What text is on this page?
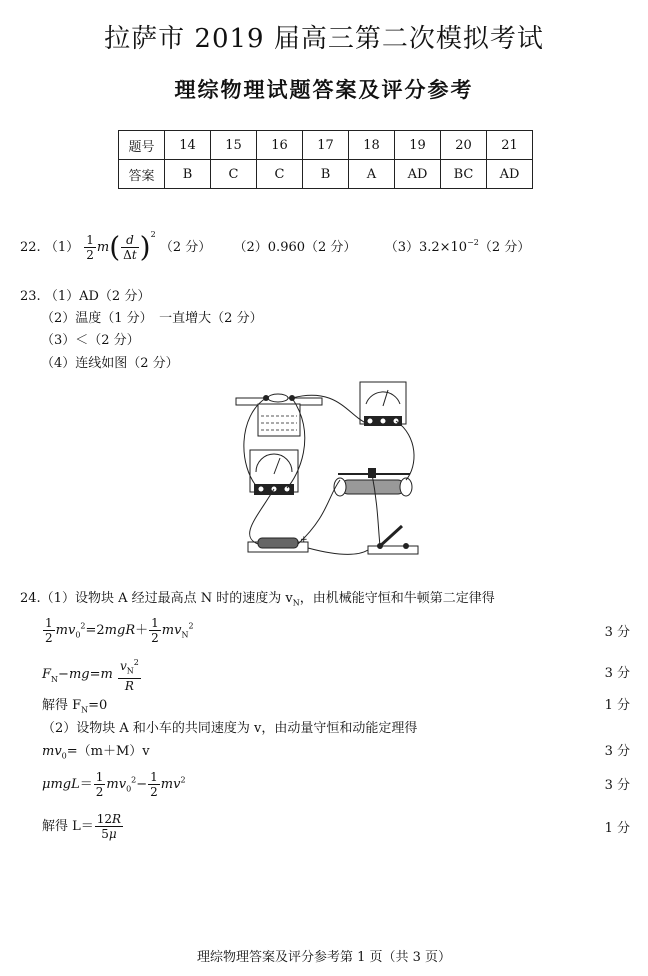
拉萨市 2019 届高三第二次模拟考试
理综物理试题答案及评分参考
题号	14	15	16	17	18	19	20	21
答案	B	C	C	B	A	AD	BC	AD
22. $(1) \frac{1}{2} m( \frac{d}{\Delta t} )^2$ （2 分） （2）0.960（2 分） $(3)3.2\times 10^{-2}(2$ 分）
23. （1）AD（2 分）
（2）温度（1 分）　一直增大（2 分）
（3）＜（2 分）
（4）连线如图（2 分）
+
24.（1）设物块 A 经过最高点 N 时的速度为 $v_N$，由机械能守恒和牛顿第二定律得
$\frac{1}{2} mv_0^2=2mgR+ \frac{1}{2} mv_N^2$	3 分
$F_N-mg=m \frac{v_N^2}{R}$	3 分
解得 $F_N=0$	1 分
（2）设物块 A 和小车的共同速度为 v，由动量守恒和动能定理得
$mv_0=(m+M)v$	3 分
$\mu mgL= \frac{1}{2} mv_0^2- \frac{1}{2} mv^2$	3 分
解得 $L= \frac{12R}{5\mu}$	1 分
理综物理答案及评分参考第 1 页（共 3 页）
